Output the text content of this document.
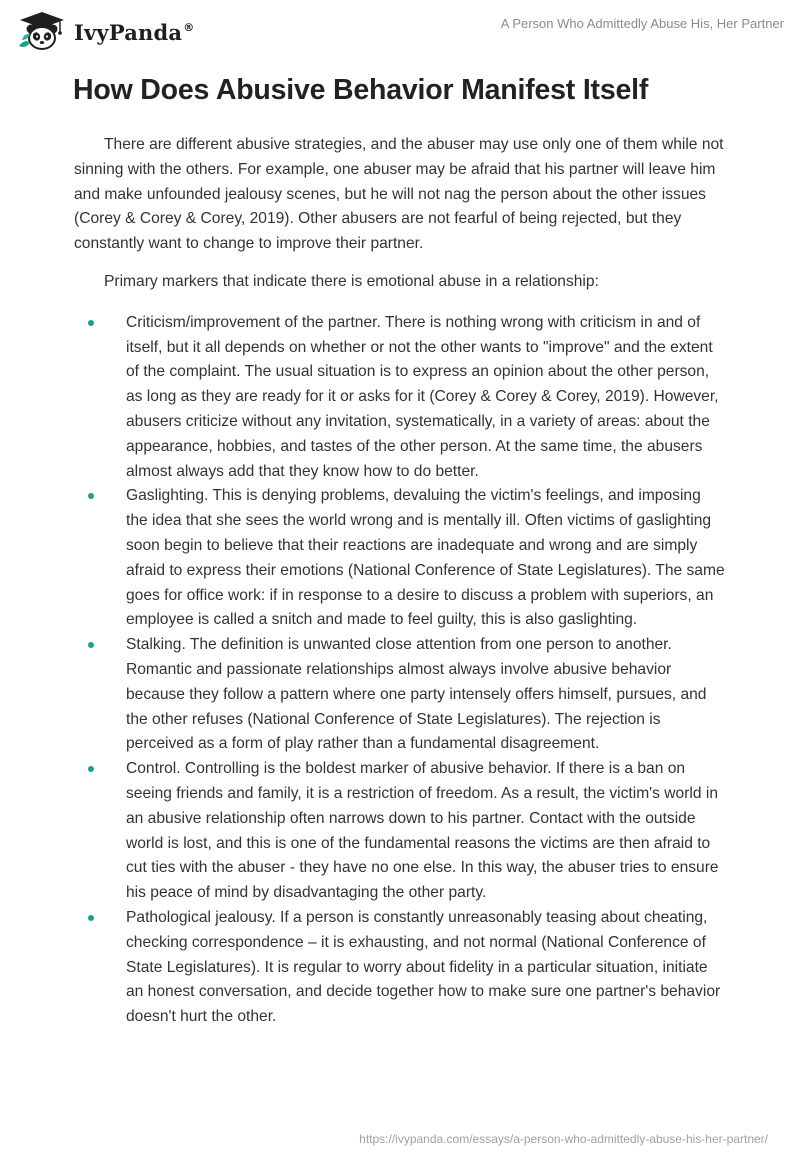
IvyPanda®	A Person Who Admittedly Abuse His, Her Partner
How Does Abusive Behavior Manifest Itself

There are different abusive strategies, and the abuser may use only one of them while not sinning with the others. For example, one abuser may be afraid that his partner will leave him and make unfounded jealousy scenes, but he will not nag the person about the other issues (Corey & Corey & Corey, 2019). Other abusers are not fearful of being rejected, but they constantly want to change to improve their partner.

Primary markers that indicate there is emotional abuse in a relationship:

Criticism/improvement of the partner. There is nothing wrong with criticism in and of itself, but it all depends on whether or not the other wants to "improve" and the extent of the complaint. The usual situation is to express an opinion about the other person, as long as they are ready for it or asks for it (Corey & Corey & Corey, 2019). However, abusers criticize without any invitation, systematically, in a variety of areas: about the appearance, hobbies, and tastes of the other person. At the same time, the abusers almost always add that they know how to do better.
Gaslighting. This is denying problems, devaluing the victim's feelings, and imposing the idea that she sees the world wrong and is mentally ill. Often victims of gaslighting soon begin to believe that their reactions are inadequate and wrong and are simply afraid to express their emotions (National Conference of State Legislatures). The same goes for office work: if in response to a desire to discuss a problem with superiors, an employee is called a snitch and made to feel guilty, this is also gaslighting.
Stalking. The definition is unwanted close attention from one person to another. Romantic and passionate relationships almost always involve abusive behavior because they follow a pattern where one party intensely offers himself, pursues, and the other refuses (National Conference of State Legislatures). The rejection is perceived as a form of play rather than a fundamental disagreement.
Control. Controlling is the boldest marker of abusive behavior. If there is a ban on seeing friends and family, it is a restriction of freedom. As a result, the victim's world in an abusive relationship often narrows down to his partner. Contact with the outside world is lost, and this is one of the fundamental reasons the victims are then afraid to cut ties with the abuser - they have no one else. In this way, the abuser tries to ensure his peace of mind by disadvantaging the other party.
Pathological jealousy. If a person is constantly unreasonably teasing about cheating, checking correspondence – it is exhausting, and not normal (National Conference of State Legislatures). It is regular to worry about fidelity in a particular situation, initiate an honest conversation, and decide together how to make sure one partner's behavior doesn't hurt the other.
https://ivypanda.com/essays/a-person-who-admittedly-abuse-his-her-partner/
